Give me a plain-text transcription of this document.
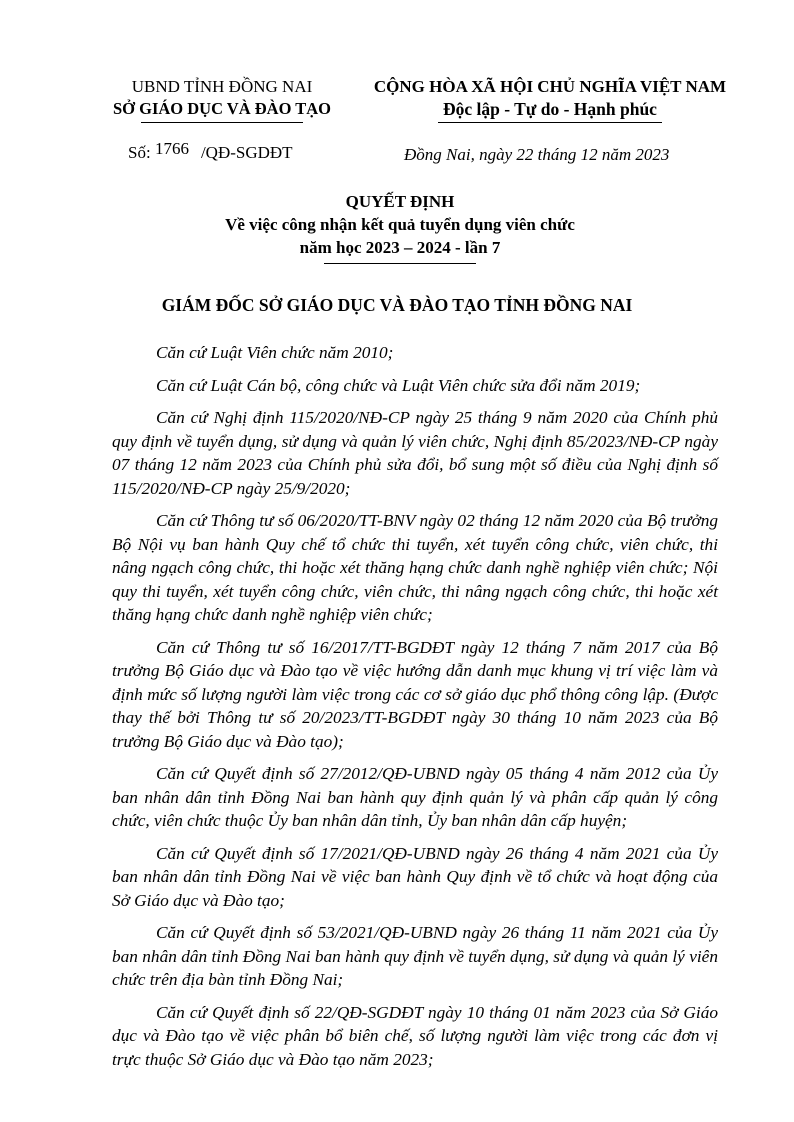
UBND TỈNH ĐỒNG NAI
SỞ GIÁO DỤC VÀ ĐÀO TẠO
CỘNG HÒA XÃ HỘI CHỦ NGHĨA VIỆT NAM
Độc lập - Tự do - Hạnh phúc
Số: 1766 /QĐ-SGDĐT	Đồng Nai, ngày 22 tháng 12 năm 2023
QUYẾT ĐỊNH
Về việc công nhận kết quả tuyển dụng viên chức
năm học 2023 – 2024 - lần 7
GIÁM ĐỐC SỞ GIÁO DỤC VÀ ĐÀO TẠO TỈNH ĐỒNG NAI

Căn cứ Luật Viên chức năm 2010;

Căn cứ Luật Cán bộ, công chức và Luật Viên chức sửa đổi năm 2019;

Căn cứ Nghị định 115/2020/NĐ-CP ngày 25 tháng 9 năm 2020 của Chính phủ quy định về tuyển dụng, sử dụng và quản lý viên chức, Nghị định 85/2023/NĐ-CP ngày 07 tháng 12 năm 2023 của Chính phủ sửa đổi, bổ sung một số điều của Nghị định số 115/2020/NĐ-CP ngày 25/9/2020;

Căn cứ Thông tư số 06/2020/TT-BNV ngày 02 tháng 12 năm 2020 của Bộ trưởng Bộ Nội vụ ban hành Quy chế tổ chức thi tuyển, xét tuyển công chức, viên chức, thi nâng ngạch công chức, thi hoặc xét thăng hạng chức danh nghề nghiệp viên chức; Nội quy thi tuyển, xét tuyển công chức, viên chức, thi nâng ngạch công chức, thi hoặc xét thăng hạng chức danh nghề nghiệp viên chức;

Căn cứ Thông tư số 16/2017/TT-BGDĐT ngày 12 tháng 7 năm 2017 của Bộ trưởng Bộ Giáo dục và Đào tạo về việc hướng dẫn danh mục khung vị trí việc làm và định mức số lượng người làm việc trong các cơ sở giáo dục phổ thông công lập. (Được thay thế bởi Thông tư số 20/2023/TT-BGDĐT ngày 30 tháng 10 năm 2023 của Bộ trưởng Bộ Giáo dục và Đào tạo);

Căn cứ Quyết định số 27/2012/QĐ-UBND ngày 05 tháng 4 năm 2012 của Ủy ban nhân dân tỉnh Đồng Nai ban hành quy định quản lý và phân cấp quản lý công chức, viên chức thuộc Ủy ban nhân dân tỉnh, Ủy ban nhân dân cấp huyện;

Căn cứ Quyết định số 17/2021/QĐ-UBND ngày 26 tháng 4 năm 2021 của Ủy ban nhân dân tỉnh Đồng Nai về việc ban hành Quy định về tổ chức và hoạt động của Sở Giáo dục và Đào tạo;

Căn cứ Quyết định số 53/2021/QĐ-UBND ngày 26 tháng 11 năm 2021 của Ủy ban nhân dân tỉnh Đồng Nai ban hành quy định về tuyển dụng, sử dụng và quản lý viên chức trên địa bàn tỉnh Đồng Nai;

Căn cứ Quyết định số 22/QĐ-SGDĐT ngày 10 tháng 01 năm 2023 của Sở Giáo dục và Đào tạo về việc phân bổ biên chế, số lượng người làm việc trong các đơn vị trực thuộc Sở Giáo dục và Đào tạo năm 2023;
